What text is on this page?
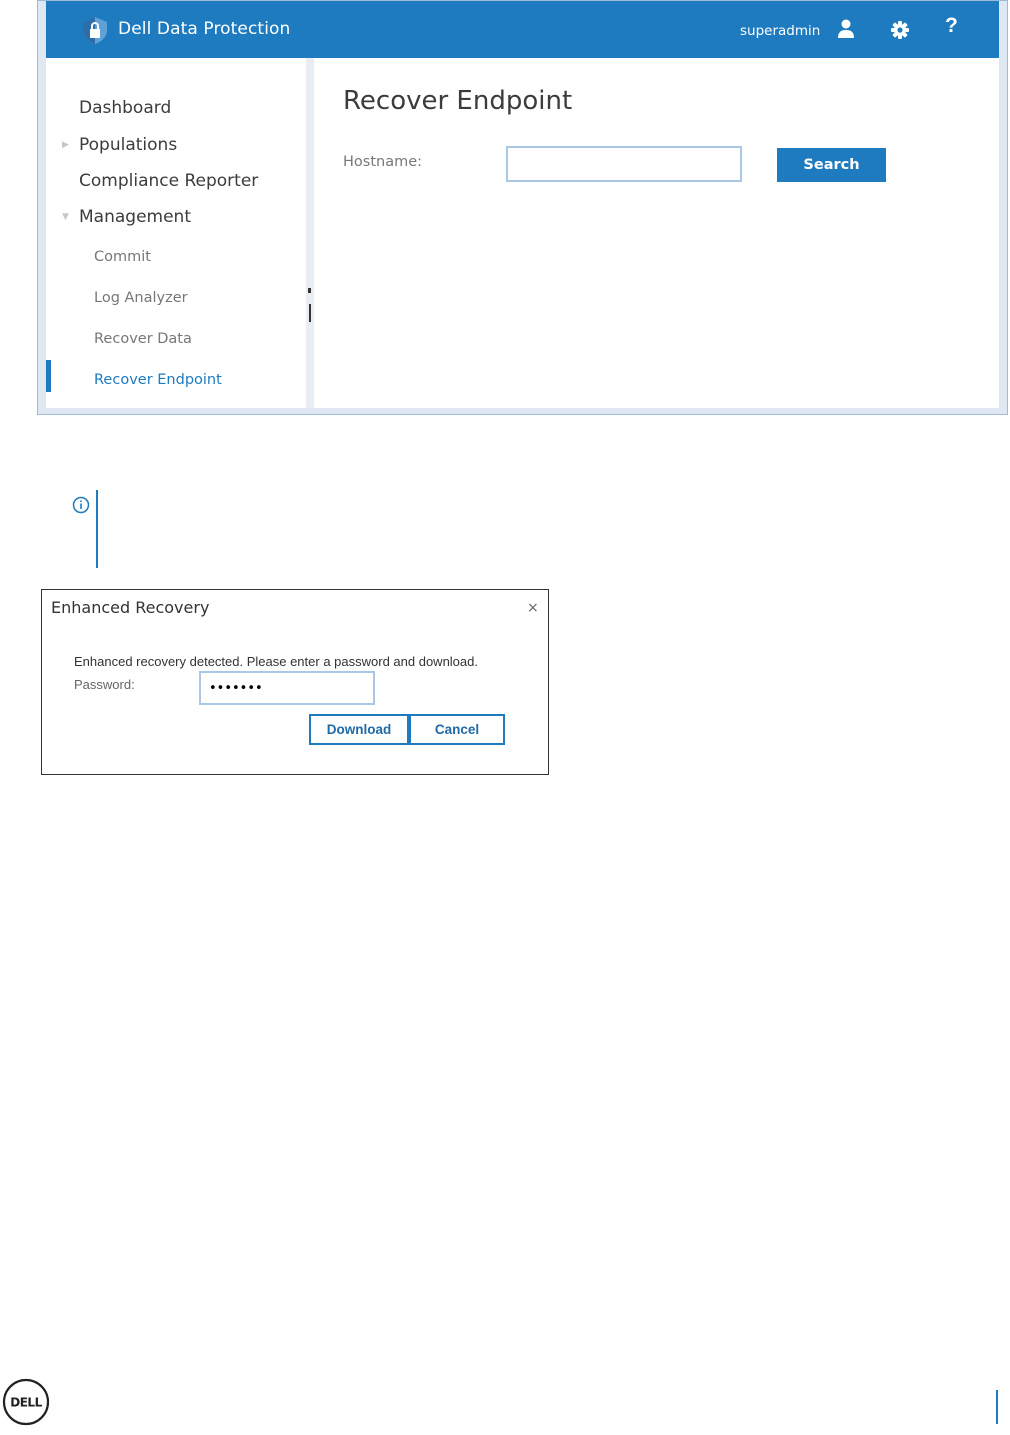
Dell Data Protection	superadmin	?
Dashboard
▶ Populations
Compliance Reporter
▼ Management
Commit
Log Analyzer
Recover Data
Recover Endpoint
Recover Endpoint
Hostname:	Search
Enhanced Recovery	×
Enhanced recovery detected. Please enter a password and download.
Password:
•••••••
Download	Cancel
DELL
